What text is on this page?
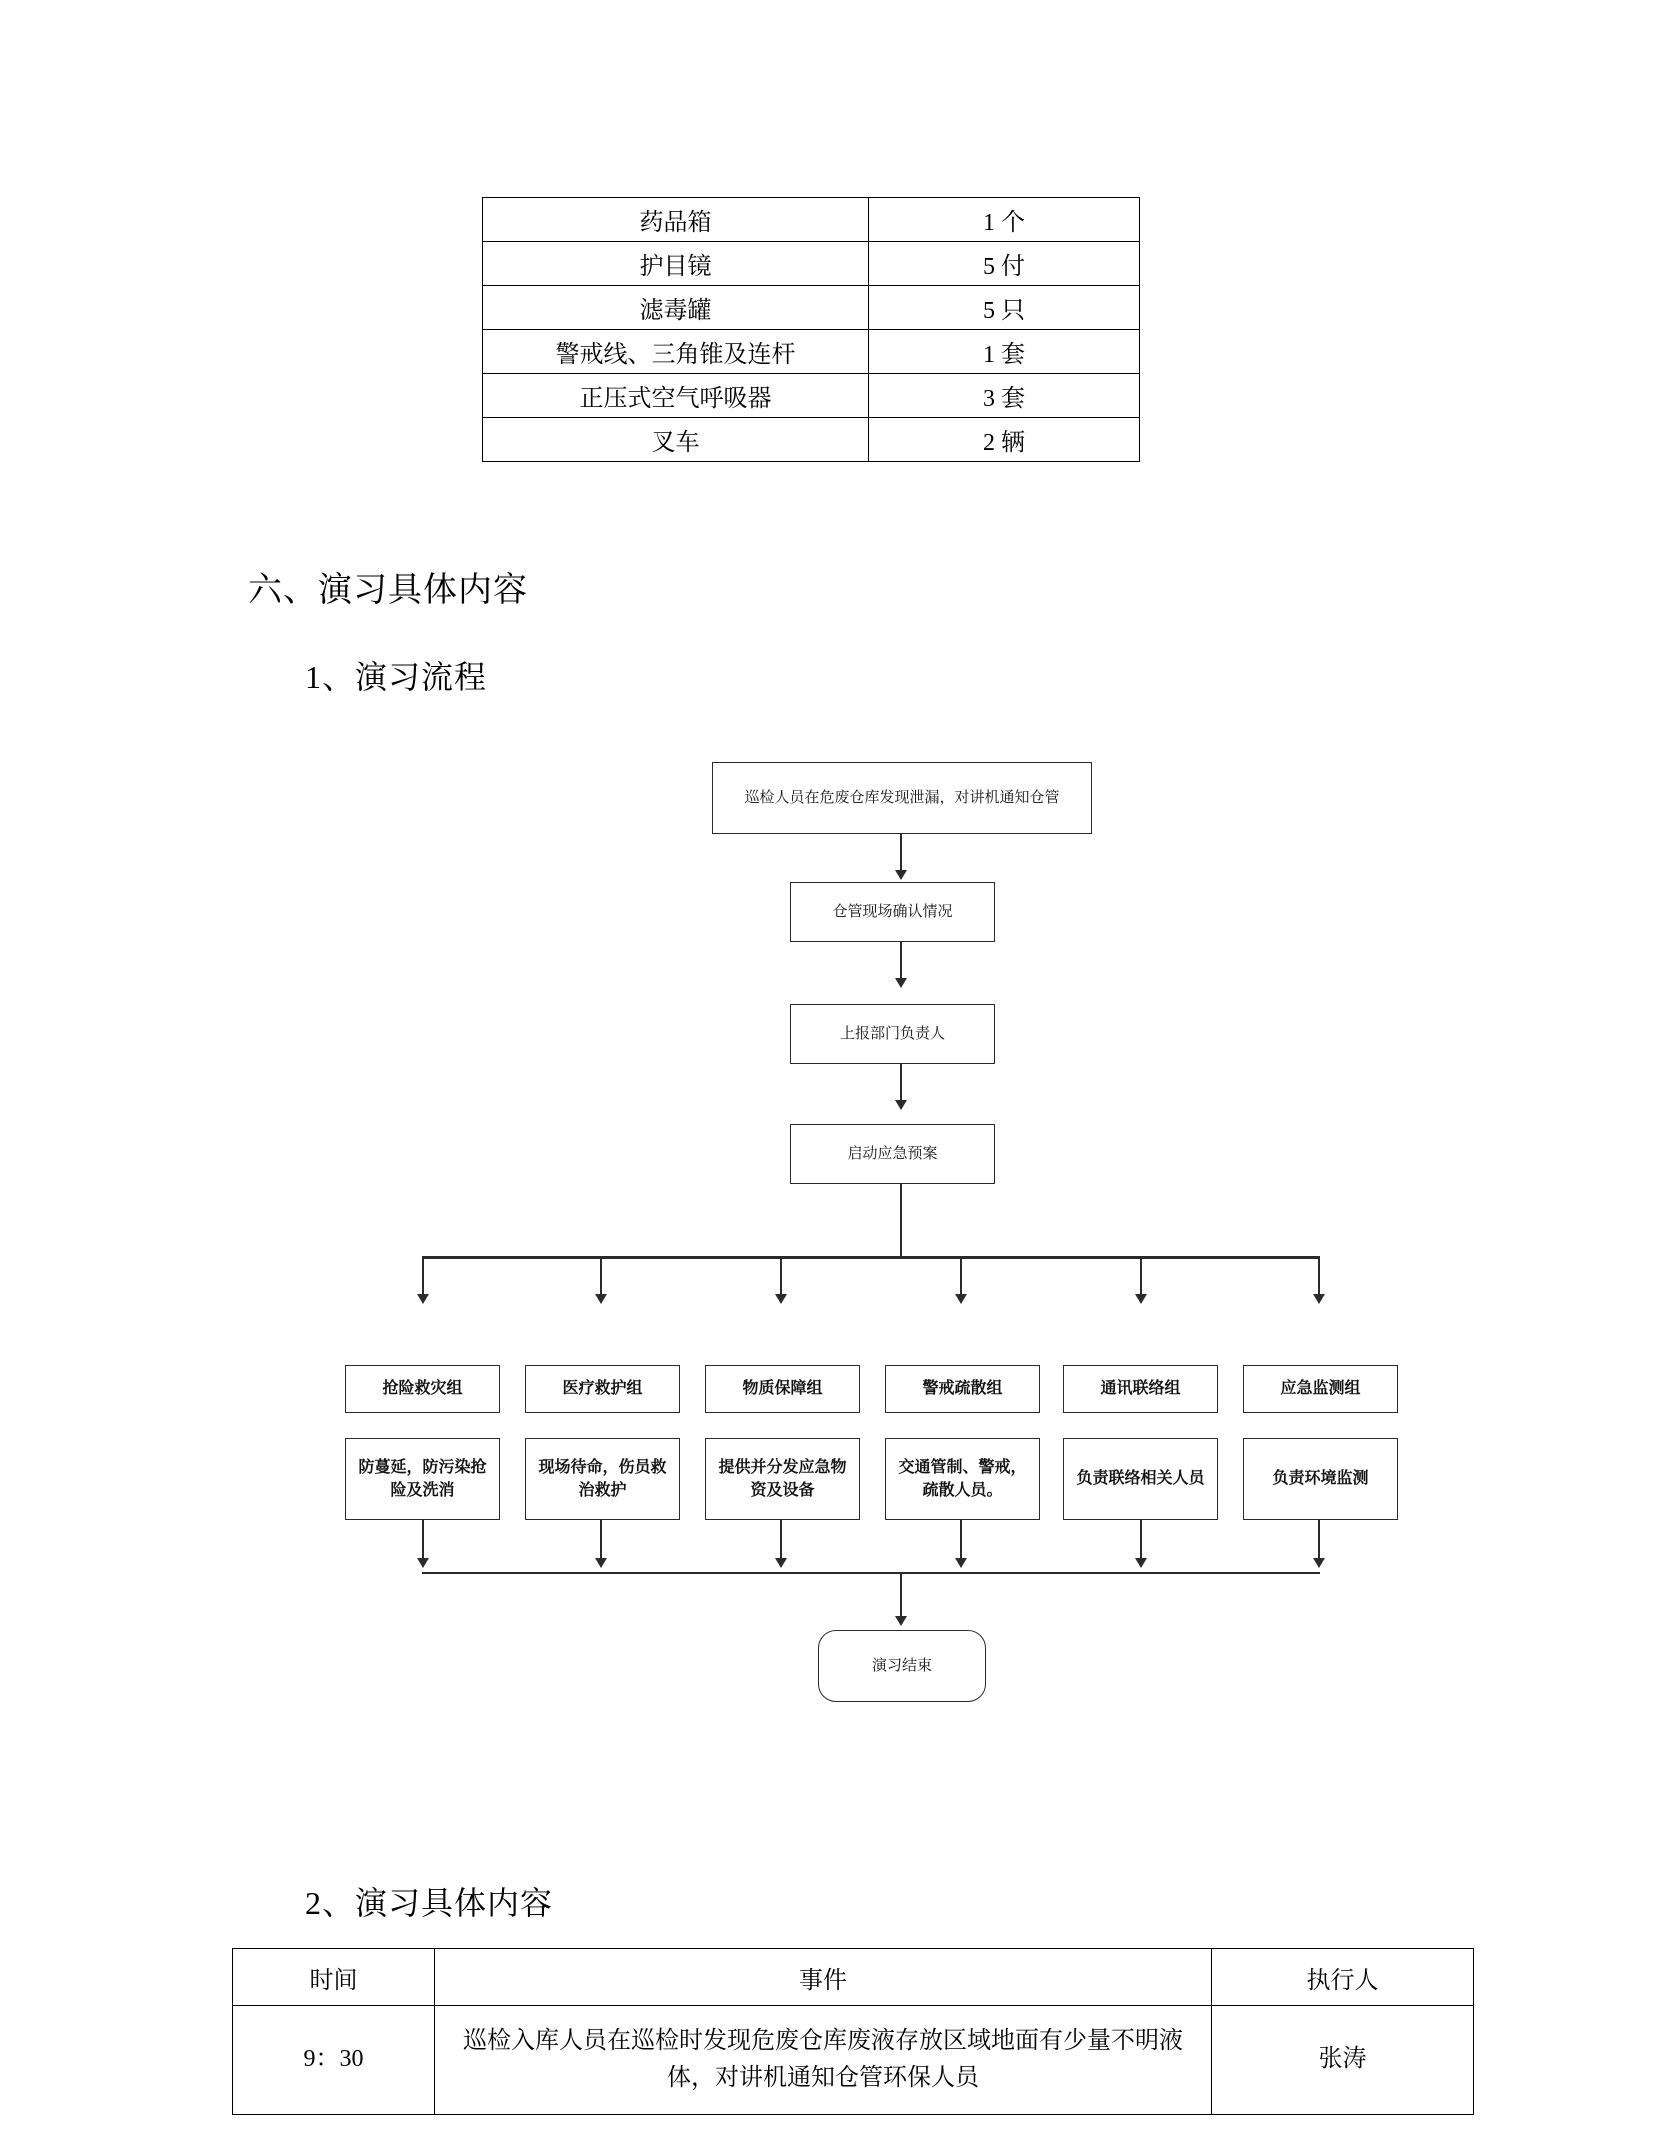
药品箱	1 个
护目镜	5 付
滤毒罐	5 只
警戒线、三角锥及连杆	1 套
正压式空气呼吸器	3 套
叉车	2 辆
六、演习具体内容
1、演习流程
2、演习具体内容
巡检人员在危废仓库发现泄漏，对讲机通知仓管
仓管现场确认情况
上报部门负责人
启动应急预案
抢险救灾组	医疗救护组	物质保障组	警戒疏散组	通讯联络组	应急监测组
防蔓延，防污染抢险及洗消
现场待命，伤员救治救护
提供并分发应急物资及设备
交通管制、警戒，疏散人员。
负责联络相关人员	负责环境监测
演习结束
时间	事件	执行人
9：30	巡检入库人员在巡检时发现危废仓库废液存放区域地面有少量不明液体，对讲机通知仓管环保人员	张涛
